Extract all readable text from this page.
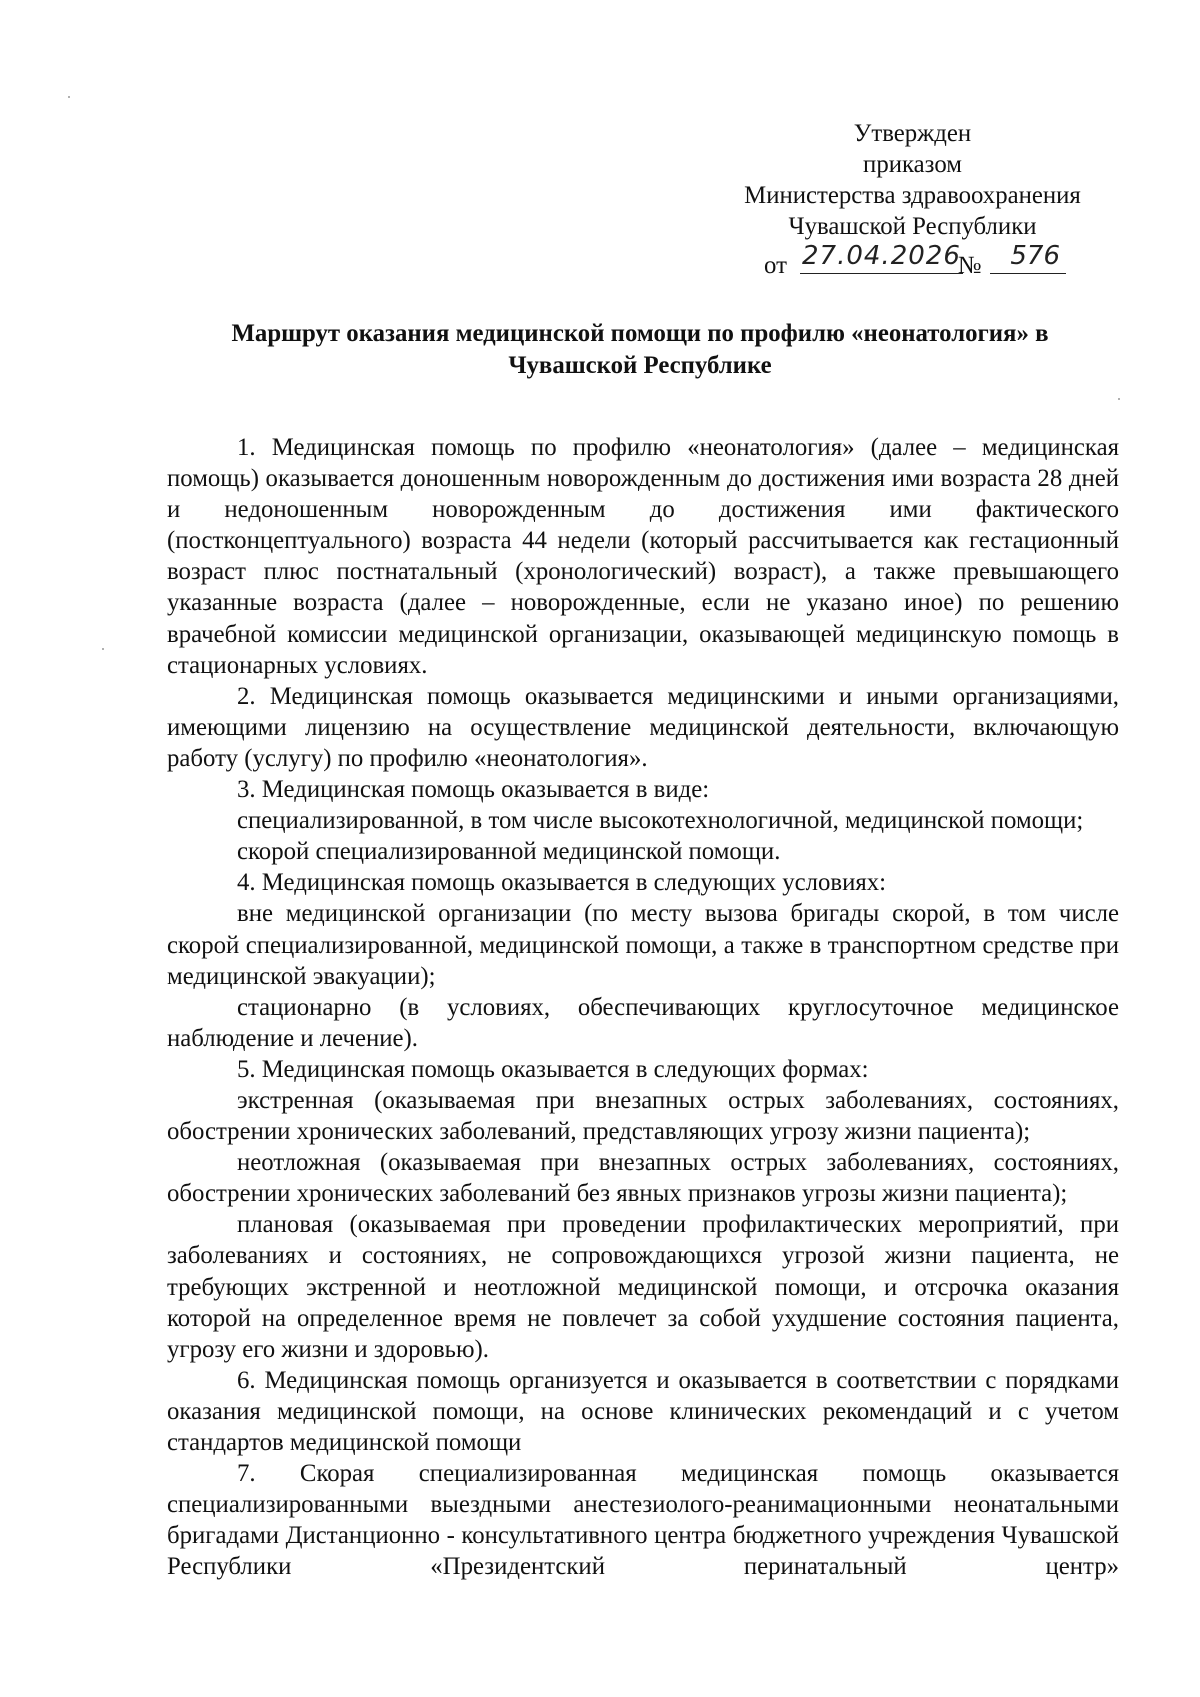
Утвержден
приказом
Министерства здравоохранения
Чувашской Республики
от 27.04.2026
№	576
Маршрут оказания медицинской помощи по профилю «неонатология» в
Чувашской Республике

1. Медицинская помощь по профилю «неонатология» (далее – медицинская помощь) оказывается доношенным новорожденным до достижения ими возраста 28 дней и недоношенным новорожденным до достижения ими фактического (постконцептуального) возраста 44 недели (который рассчитывается как гестационный возраст плюс постнатальный (хронологический) возраст), а также превышающего указанные возраста (далее – новорожденные, если не указано иное) по решению врачебной комиссии медицинской организации, оказывающей медицинскую помощь в стационарных условиях.

2. Медицинская помощь оказывается медицинскими и иными организациями, имеющими лицензию на осуществление медицинской деятельности, включающую работу (услугу) по профилю «неонатология».

3. Медицинская помощь оказывается в виде:

специализированной, в том числе высокотехнологичной, медицинской помощи;

скорой специализированной медицинской помощи.

4. Медицинская помощь оказывается в следующих условиях:

вне медицинской организации (по месту вызова бригады скорой, в том числе скорой специализированной, медицинской помощи, а также в транспортном средстве при медицинской эвакуации);

стационарно (в условиях, обеспечивающих круглосуточное медицинское наблюдение и лечение).

5. Медицинская помощь оказывается в следующих формах:

экстренная (оказываемая при внезапных острых заболеваниях, состояниях, обострении хронических заболеваний, представляющих угрозу жизни пациента);

неотложная (оказываемая при внезапных острых заболеваниях, состояниях, обострении хронических заболеваний без явных признаков угрозы жизни пациента);

плановая (оказываемая при проведении профилактических мероприятий, при заболеваниях и состояниях, не сопровождающихся угрозой жизни пациента, не требующих экстренной и неотложной медицинской помощи, и отсрочка оказания которой на определенное время не повлечет за собой ухудшение состояния пациента, угрозу его жизни и здоровью).

6. Медицинская помощь организуется и оказывается в соответствии с порядками оказания медицинской помощи, на основе клинических рекомендаций и с учетом стандартов медицинской помощи

7. Скорая специализированная медицинская помощь оказывается специализированными выездными анестезиолого-реанимационными неонатальными бригадами Дистанционно - консультативного центра бюджетного учреждения Чувашской Республики «Президентский перинатальный центр»
